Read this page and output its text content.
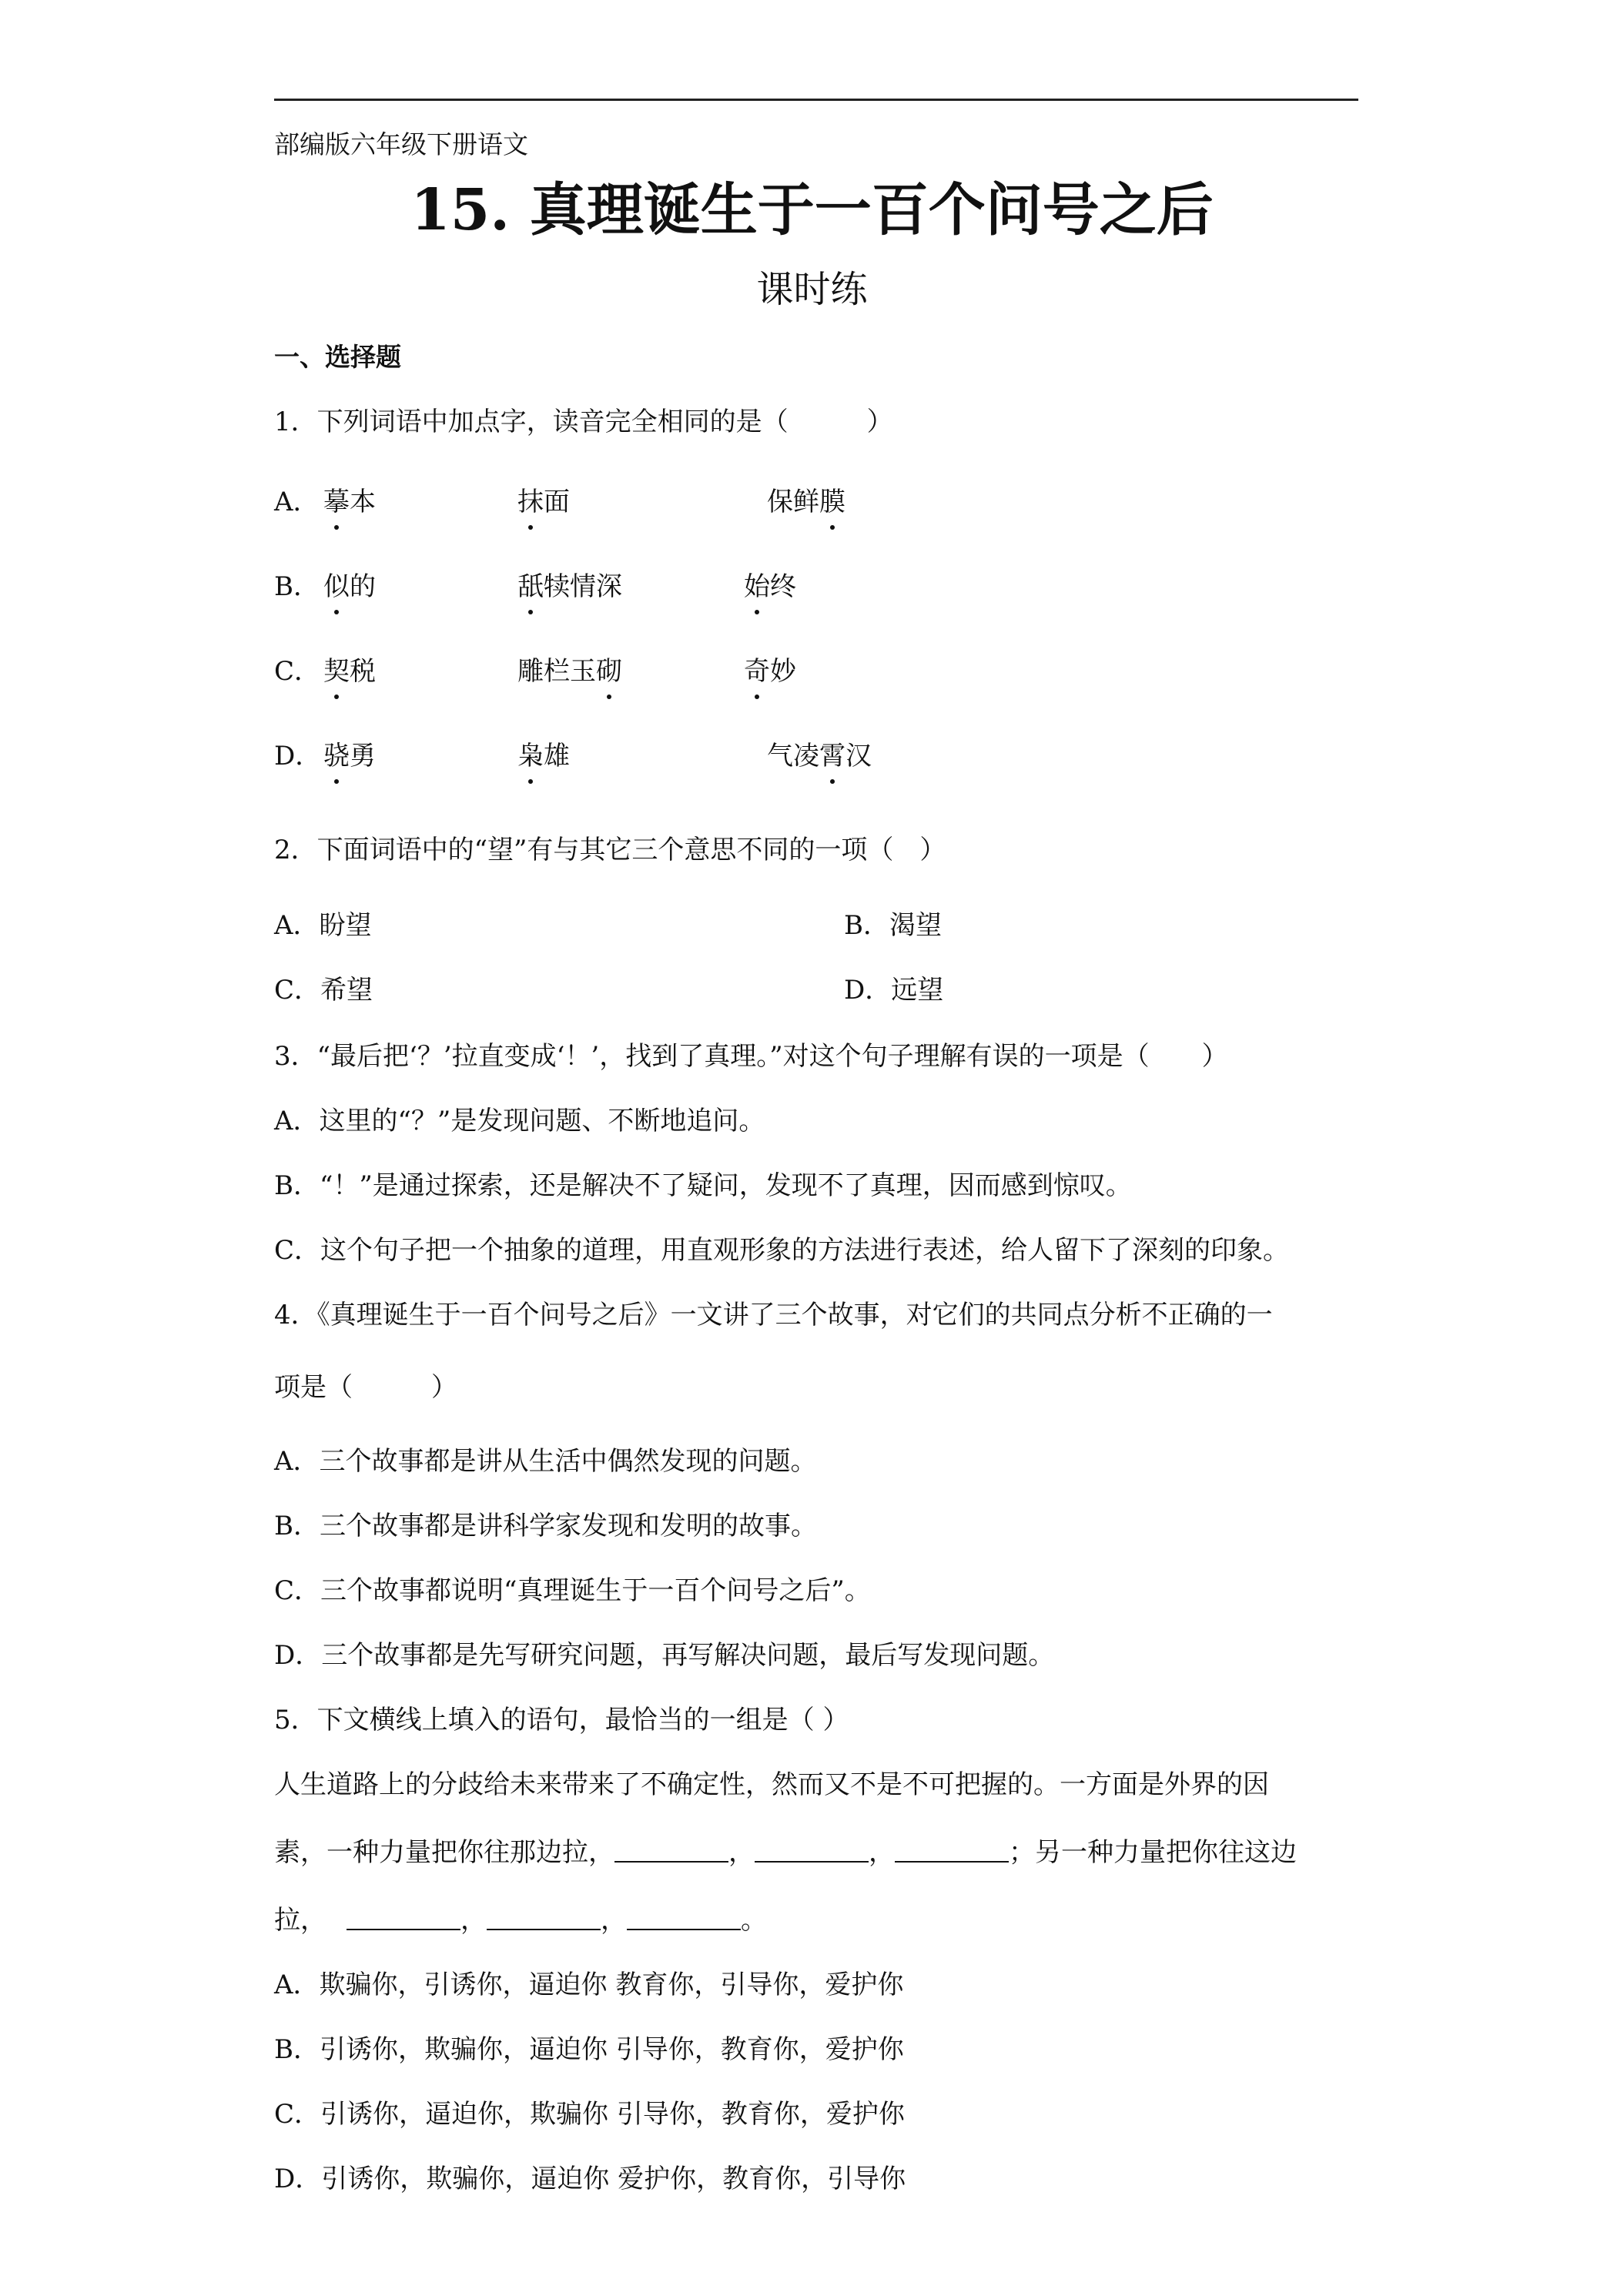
部编版六年级下册语文
15. 真理诞生于一百个问号之后
课时练
一、选择题
1．下列词语中加点字，读音完全相同的是（　　　）
A． 摹本	抹面	保鲜膜
B． 似的	舐犊情深	始终
C． 契税	雕栏玉砌	奇妙
D． 骁勇	枭雄	气凌霄汉
2．下面词语中的“望”有与其它三个意思不同的一项（　）
A．盼望	B．渴望
C．希望	D．远望
3．“最后把‘？’拉直变成‘！’，找到了真理。”对这个句子理解有误的一项是（　　）
A．这里的“？”是发现问题、不断地追问。
B．“！”是通过探索，还是解决不了疑问，发现不了真理，因而感到惊叹。
C．这个句子把一个抽象的道理，用直观形象的方法进行表述，给人留下了深刻的印象。
4．《真理诞生于一百个问号之后》一文讲了三个故事，对它们的共同点分析不正确的一
项是（　　　）
A．三个故事都是讲从生活中偶然发现的问题。
B．三个故事都是讲科学家发现和发明的故事。
C．三个故事都说明“真理诞生于一百个问号之后”。
D．三个故事都是先写研究问题，再写解决问题，最后写发现问题。
5．下文横线上填入的语句，最恰当的一组是（ ）
人生道路上的分歧给未来带来了不确定性，然而又不是不可把握的。一方面是外界的因
素，一种力量把你往那边拉，	，	，	；另一种力量把你往这边
拉，	，	，	。
A．欺骗你，引诱你，逼迫你 教育你，引导你，爱护你
B．引诱你，欺骗你，逼迫你 引导你，教育你，爱护你
C．引诱你，逼迫你，欺骗你 引导你，教育你，爱护你
D．引诱你，欺骗你，逼迫你 爱护你，教育你，引导你
